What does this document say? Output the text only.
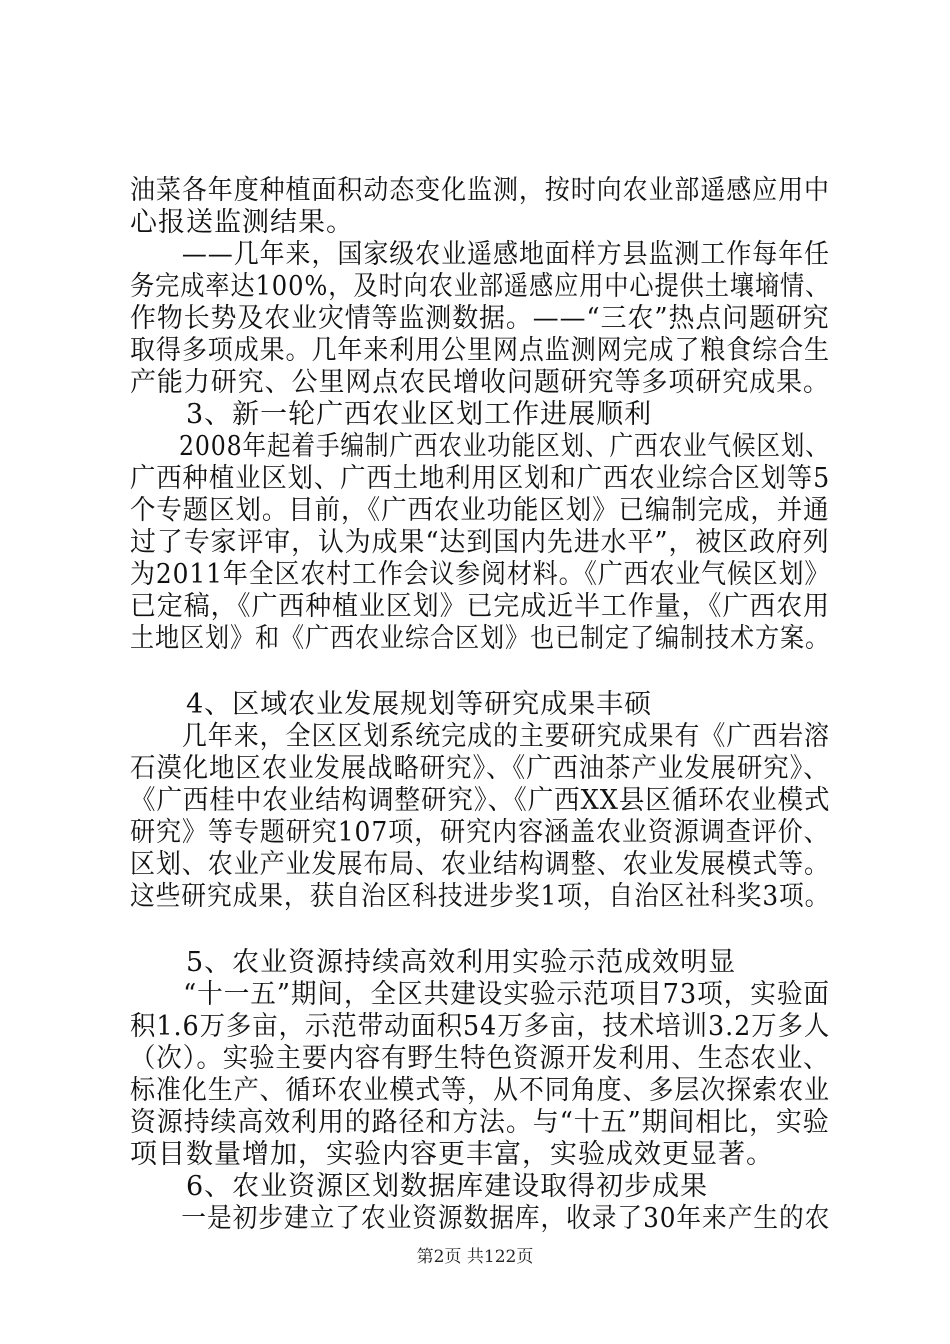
油菜各年度种植面积动态变化监测，按时向农业部遥感应用中
心报送监测结果。
　　——几年来，国家级农业遥感地面样方县监测工作每年任
务完成率达100%，及时向农业部遥感应用中心提供土壤墒情、
作物长势及农业灾情等监测数据。——“三农”热点问题研究
取得多项成果。几年来利用公里网点监测网完成了粮食综合生
产能力研究、公里网点农民增收问题研究等多项研究成果。
　　3、新一轮广西农业区划工作进展顺利
　　2008年起着手编制广西农业功能区划、广西农业气候区划、
广西种植业区划、广西土地利用区划和广西农业综合区划等5
个专题区划。目前，《广西农业功能区划》已编制完成，并通
过了专家评审，认为成果“达到国内先进水平”，被区政府列
为2011年全区农村工作会议参阅材料。《广西农业气候区划》
已定稿，《广西种植业区划》已完成近半工作量，《广西农用
土地区划》和《广西农业综合区划》也已制定了编制技术方案。
　　4、区域农业发展规划等研究成果丰硕
　　几年来，全区区划系统完成的主要研究成果有《广西岩溶
石漠化地区农业发展战略研究》、《广西油茶产业发展研究》、
《广西桂中农业结构调整研究》、《广西XX县区循环农业模式
研究》等专题研究107项，研究内容涵盖农业资源调查评价、
区划、农业产业发展布局、农业结构调整、农业发展模式等。
这些研究成果，获自治区科技进步奖1项，自治区社科奖3项。
　　5、农业资源持续高效利用实验示范成效明显
　　“十一五”期间，全区共建设实验示范项目73项，实验面
积1.6万多亩，示范带动面积54万多亩，技术培训3.2万多人
（次）。实验主要内容有野生特色资源开发利用、生态农业、
标准化生产、循环农业模式等，从不同角度、多层次探索农业
资源持续高效利用的路径和方法。与“十五”期间相比，实验
项目数量增加，实验内容更丰富，实验成效更显著。
　　6、农业资源区划数据库建设取得初步成果
　　一是初步建立了农业资源数据库，收录了30年来产生的农
第2页 共122页
